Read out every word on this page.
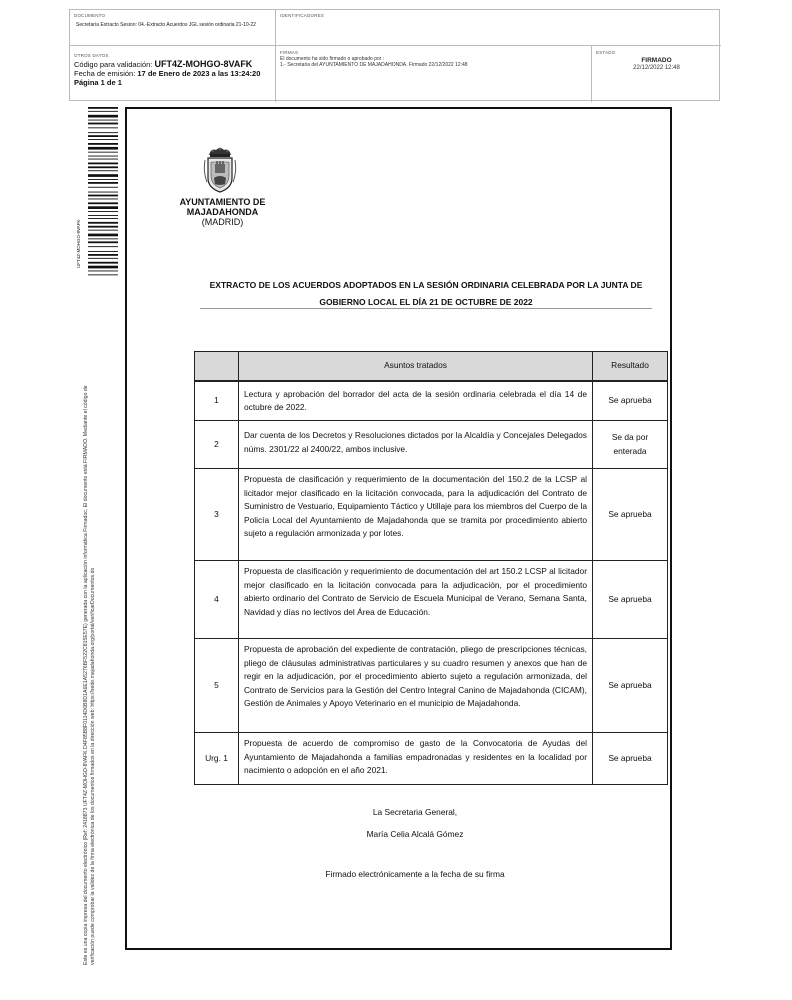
DOCUMENTO
Secretaría Extracto Sesion: 04.-Extracto Acuerdos JGL sesión ordinaria 21-10-22
IDENTIFICADORES
OTROS DATOS
Código para validación: UFT4Z-MOHGO-8VAFK
Fecha de emisión: 17 de Enero de 2023 a las 13:24:20
Página 1 de 1
FIRMAS
El documento ha sido firmado o aprobado por :
1.- Secretaria del AYUNTAMIENTO DE MAJADAHONDA. Firmado 22/12/2022 12:48
ESTADO
FIRMADO
22/12/2022 12:48
UFT4Z-MOHGO-8VAFK
Este es una copia impresa del documento electrónico (Ref: 2418873 UFT4Z-MOHGO-8VAFK D4F85B8F0114D6B8D1A6E1A5276BF522C815E57E) generada con la aplicación informática Firmadoc. El documento está FIRMADO. Mediante el código de verificación puede comprobar la validez de la firma electrónica de los documentos firmados en la dirección web: https://sede.majadahonda.org/portal/verificarDocumentos.do
AYUNTAMIENTO DE
MAJADAHONDA
(MADRID)
EXTRACTO DE LOS ACUERDOS ADOPTADOS EN LA SESIÓN ORDINARIA CELEBRADA POR LA JUNTA DE
GOBIERNO LOCAL EL DÍA 21 DE OCTUBRE DE 2022
	Asuntos tratados	Resultado
1	Lectura y aprobación del borrador del acta de la sesión ordinaria celebrada el día 14 de octubre de 2022.	Se aprueba
2	Dar cuenta de los Decretos y Resoluciones dictados por la Alcaldía y Concejales Delegados núms. 2301/22 al 2400/22, ambos inclusive.	Se da por enterada
3	Propuesta de clasificación y requerimiento de la documentación del 150.2 de la LCSP al licitador mejor clasificado en la licitación convocada, para la adjudicación del Contrato de Suministro de Vestuario, Equipamiento Táctico y Utillaje para los miembros del Cuerpo de la Policía Local del Ayuntamiento de Majadahonda que se tramita por procedimiento abierto sujeto a regulación armonizada y por lotes.	Se aprueba
4	Propuesta de clasificación y requerimiento de documentación del art 150.2 LCSP al licitador mejor clasificado en la licitación convocada para la adjudicación, por el procedimiento abierto ordinario del Contrato de Servicio de Escuela Municipal de Verano, Semana Santa, Navidad y días no lectivos del Área de Educación.	Se aprueba
5	Propuesta de aprobación del expediente de contratación, pliego de prescripciones técnicas, pliego de cláusulas administrativas particulares y su cuadro resumen y anexos que han de regir en la adjudicación, por el procedimiento abierto sujeto a regulación armonizada, del Contrato de Servicios para la Gestión del Centro Integral Canino de Majadahonda (CICAM), Gestión de Animales y Apoyo Veterinario en el municipio de Majadahonda.	Se aprueba
Urg. 1	Propuesta de acuerdo de compromiso de gasto de la Convocatoria de Ayudas del Ayuntamiento de Majadahonda a familias empadronadas y residentes en la localidad por nacimiento o adopción en el año 2021.	Se aprueba
La Secretaria General,
María Celia Alcalá Gómez
Firmado electrónicamente a la fecha de su firma
